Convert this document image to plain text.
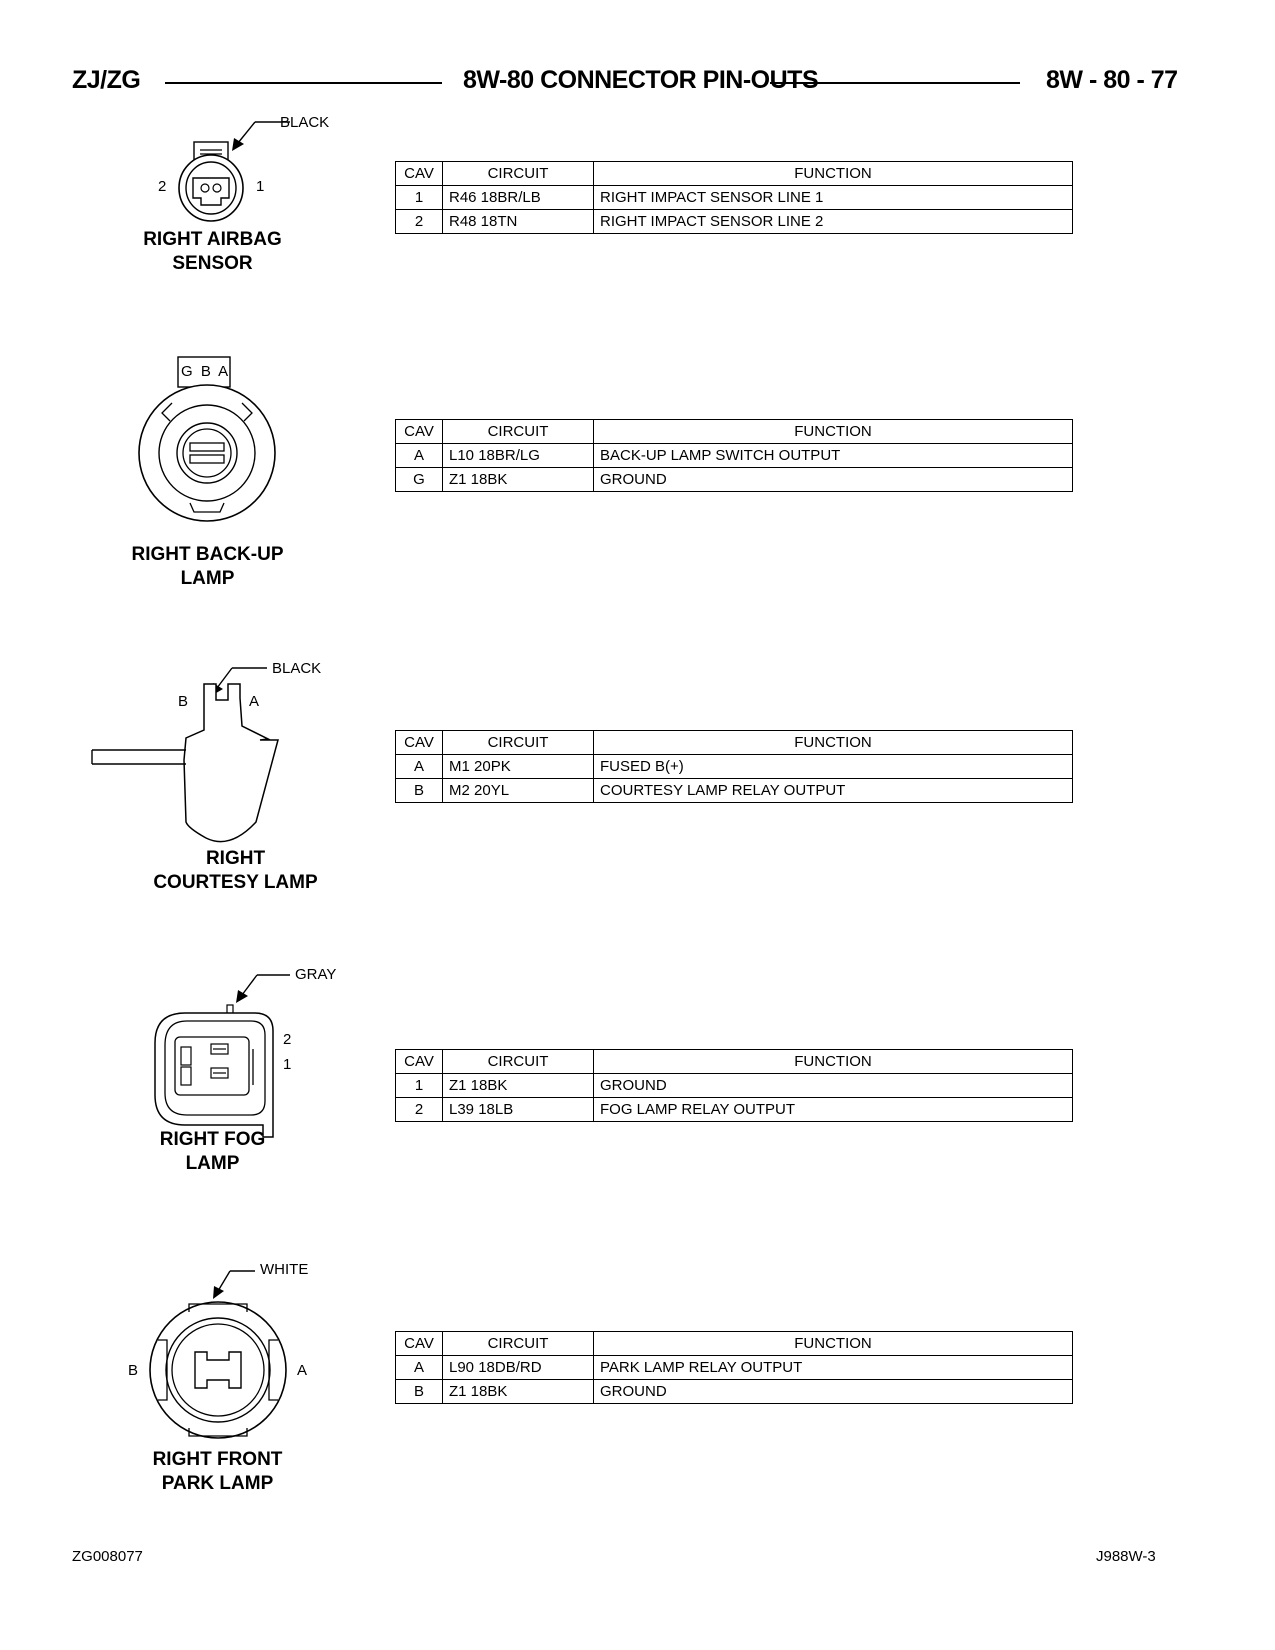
ZJ/ZG	8W-80 CONNECTOR PIN-OUTS	8W - 80 - 77
BLACK
2	1
RIGHT AIRBAG
SENSOR
CAV	CIRCUIT	FUNCTION
1	R46 18BR/LB	RIGHT IMPACT SENSOR LINE 1
2	R48 18TN	RIGHT IMPACT SENSOR LINE 2
G B A
RIGHT BACK-UP
LAMP
CAV	CIRCUIT	FUNCTION
A	L10 18BR/LG	BACK-UP LAMP SWITCH OUTPUT
G	Z1 18BK	GROUND
BLACK
B	A
RIGHT
COURTESY LAMP
CAV	CIRCUIT	FUNCTION
A	M1 20PK	FUSED B(+)
B	M2 20YL	COURTESY LAMP RELAY OUTPUT
GRAY
2
1
RIGHT FOG
LAMP
CAV	CIRCUIT	FUNCTION
1	Z1 18BK	GROUND
2	L39 18LB	FOG LAMP RELAY OUTPUT
WHITE
B	A
RIGHT FRONT
PARK LAMP
CAV	CIRCUIT	FUNCTION
A	L90 18DB/RD	PARK LAMP RELAY OUTPUT
B	Z1 18BK	GROUND
ZG008077	J988W-3
